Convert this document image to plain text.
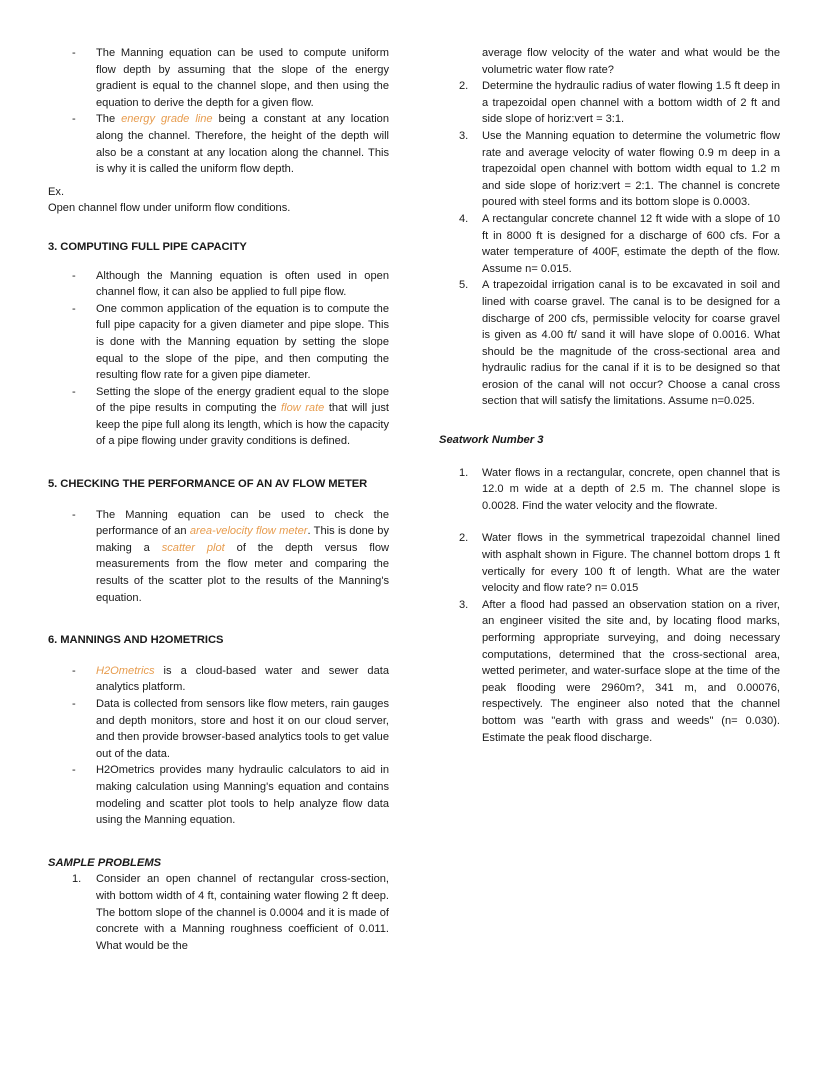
- The Manning equation can be used to compute uniform flow depth by assuming that the slope of the energy gradient is equal to the channel slope, and then using the equation to derive the depth for a given flow.
- The energy grade line being a constant at any location along the channel. Therefore, the height of the depth will also be a constant at any location along the channel. This is why it is called the uniform flow depth.

Ex.

Open channel flow under uniform flow conditions.

3. COMPUTING FULL PIPE CAPACITY

- Although the Manning equation is often used in open channel flow, it can also be applied to full pipe flow.
- One common application of the equation is to compute the full pipe capacity for a given diameter and pipe slope. This is done with the Manning equation by setting the slope equal to the slope of the pipe, and then computing the resulting flow rate for a given pipe diameter.
- Setting the slope of the energy gradient equal to the slope of the pipe results in computing the flow rate that will just keep the pipe full along its length, which is how the capacity of a pipe flowing under gravity conditions is defined.

5. CHECKING THE PERFORMANCE OF AN AV FLOW METER

- The Manning equation can be used to check the performance of an area-velocity flow meter. This is done by making a scatter plot of the depth versus flow measurements from the flow meter and comparing the results of the scatter plot to the results of the Manning's equation.

6. MANNINGS AND H2OMETRICS

- H2Ometrics is a cloud-based water and sewer data analytics platform.
- Data is collected from sensors like flow meters, rain gauges and depth monitors, store and host it on our cloud server, and then provide browser-based analytics tools to get value out of the data.
- H2Ometrics provides many hydraulic calculators to aid in making calculation using Manning's equation and contains modeling and scatter plot tools to help analyze flow data using the Manning equation.

SAMPLE PROBLEMS

1. Consider an open channel of rectangular cross-section, with bottom width of 4 ft, containing water flowing 2 ft deep. The bottom slope of the channel is 0.0004 and it is made of concrete with a Manning roughness coefficient of 0.011. What would be the
average flow velocity of the water and what would be the volumetric water flow rate?
2. Determine the hydraulic radius of water flowing 1.5 ft deep in a trapezoidal open channel with a bottom width of 2 ft and side slope of horiz:vert = 3:1.
3. Use the Manning equation to determine the volumetric flow rate and average velocity of water flowing 0.9 m deep in a trapezoidal open channel with bottom width equal to 1.2 m and side slope of horiz:vert = 2:1. The channel is concrete poured with steel forms and its bottom slope is 0.0003.
4. A rectangular concrete channel 12 ft wide with a slope of 10 ft in 8000 ft is designed for a discharge of 600 cfs. For a water temperature of 400F, estimate the depth of the flow. Assume n= 0.015.
5. A trapezoidal irrigation canal is to be excavated in soil and lined with coarse gravel. The canal is to be designed for a discharge of 200 cfs, permissible velocity for coarse gravel is given as 4.00 ft/ sand it will have slope of 0.0016. What should be the magnitude of the cross-sectional area and hydraulic radius for the canal if it is to be designed so that erosion of the canal will not occur? Choose a canal cross section that will satisfy the limitations. Assume n=0.025.

Seatwork Number 3

1. Water flows in a rectangular, concrete, open channel that is 12.0 m wide at a depth of 2.5 m. The channel slope is 0.0028. Find the water velocity and the flowrate.
2. Water flows in the symmetrical trapezoidal channel lined with asphalt shown in Figure. The channel bottom drops 1 ft vertically for every 100 ft of length. What are the water velocity and flow rate? n= 0.015
3. After a flood had passed an observation station on a river, an engineer visited the site and, by locating flood marks, performing appropriate surveying, and doing necessary computations, determined that the cross-sectional area, wetted perimeter, and water-surface slope at the time of the peak flooding were 2960m?, 341 m, and 0.00076, respectively. The engineer also noted that the channel bottom was "earth with grass and weeds" (n= 0.030). Estimate the peak flood discharge.
